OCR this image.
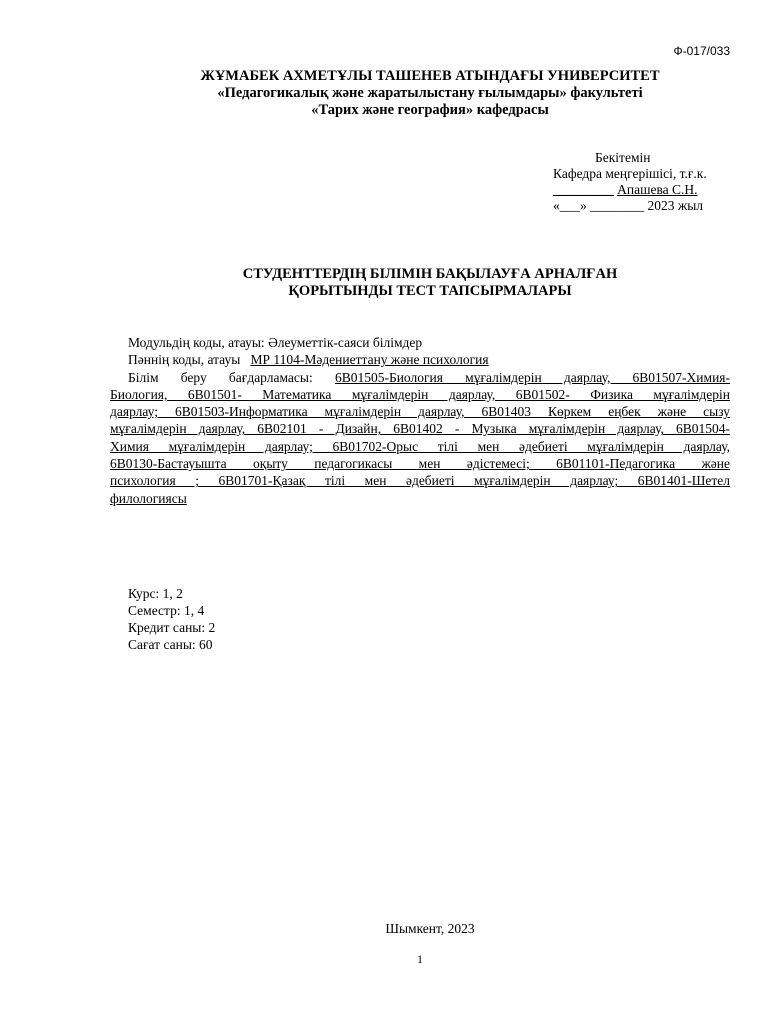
Ф-017/033
ЖҰМАБЕК АХМЕТҰЛЫ ТАШЕНЕВ АТЫНДАҒЫ УНИВЕРСИТЕТ
«Педагогикалық және жаратылыстану ғылымдары» факультеті
«Тарих және география» кафедрасы
Бекітемін
Кафедра меңгерішісі, т.ғ.к.
_________ Апашева С.Н.
«___» ________ 2023 жыл
СТУДЕНТТЕРДІҢ БІЛІМІН БАҚЫЛАУҒА АРНАЛҒАН
ҚОРЫТЫНДЫ ТЕСТ ТАПСЫРМАЛАРЫ
Модульдің коды, атауы: Әлеуметтік-саяси білімдер
Пәннің коды, атауы МР 1104-Мәдениеттану және психология
Білім беру бағдарламасы: 6В01505-Биология мұғалімдерін даярлау, 6В01507-Химия-
Биология, 6В01501- Математика мұғалімдерін даярлау, 6В01502- Физика мұғалімдерін
даярлау; 6В01503-Информатика мұғалімдерін даярлау, 6В01403 Көркем еңбек және сызу
мұғалімдерін даярлау, 6В02101 - Дизайн, 6В01402 - Музыка мұғалімдерін даярлау, 6В01504-
Химия мұғалімдерін даярлау; 6В01702-Орыс тілі мен әдебиеті мұғалімдерін даярлау,
6В0130-Бастауышта оқыту педагогикасы мен әдістемесі; 6В01101-Педагогика және
психология ; 6В01701-Қазақ тілі мен әдебиеті мұғалімдерін даярлау; 6В01401-Шетел
филологиясы
Курс: 1, 2
Семестр: 1, 4
Кредит саны: 2
Сағат саны: 60
Шымкент, 2023
1
